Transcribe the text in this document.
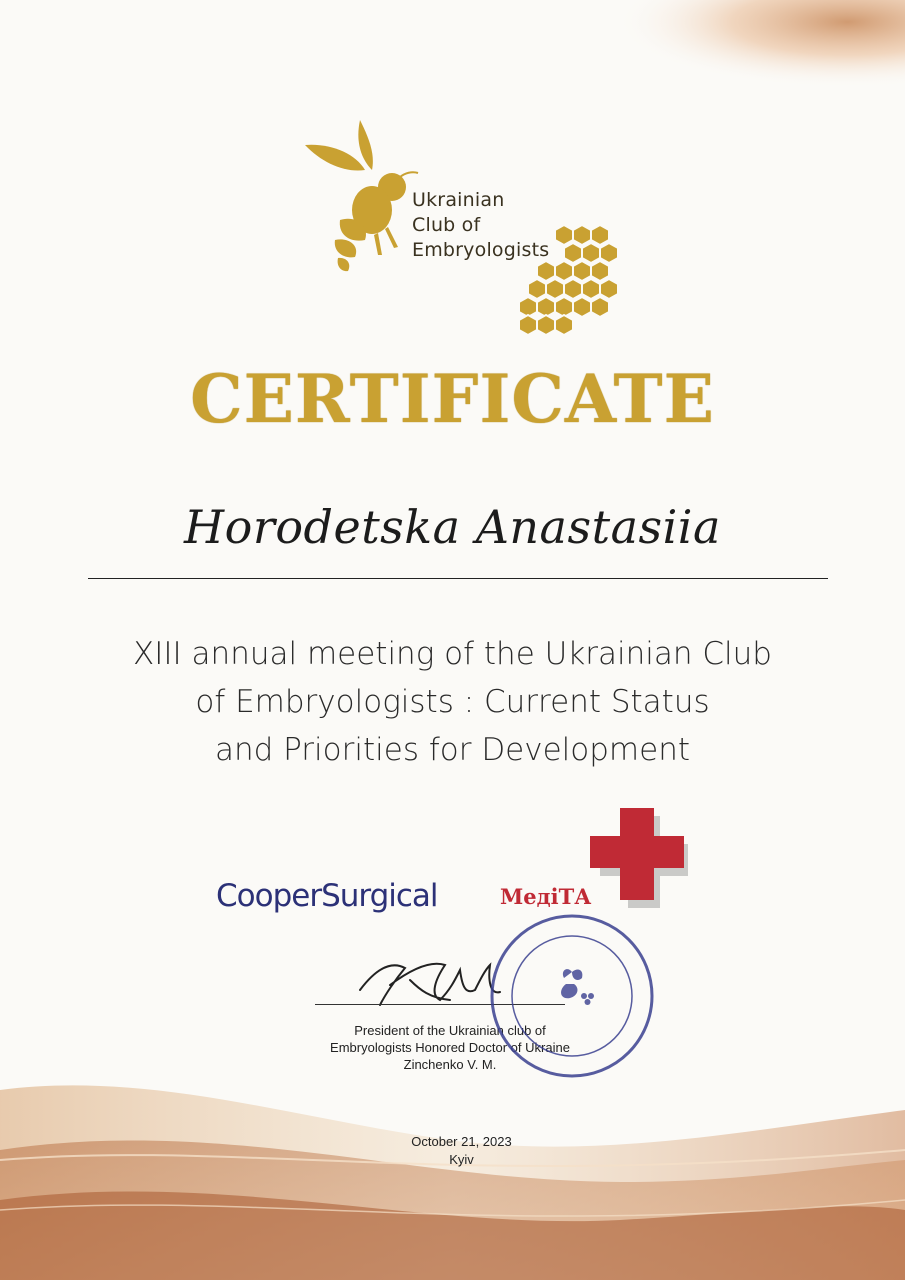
Ukrainian
Club of
Embryologists
CERTIFICATE
Horodetska Anastasiia
XIII annual meeting of the Ukrainian Club
of Embryologists : Current Status
and Priorities for Development
CooperSurgical	МедіТА
President of the Ukrainian club of
Embryologists Honored Doctor of Ukraine
Zinchenko V. M.
October 21, 2023
Kyiv
